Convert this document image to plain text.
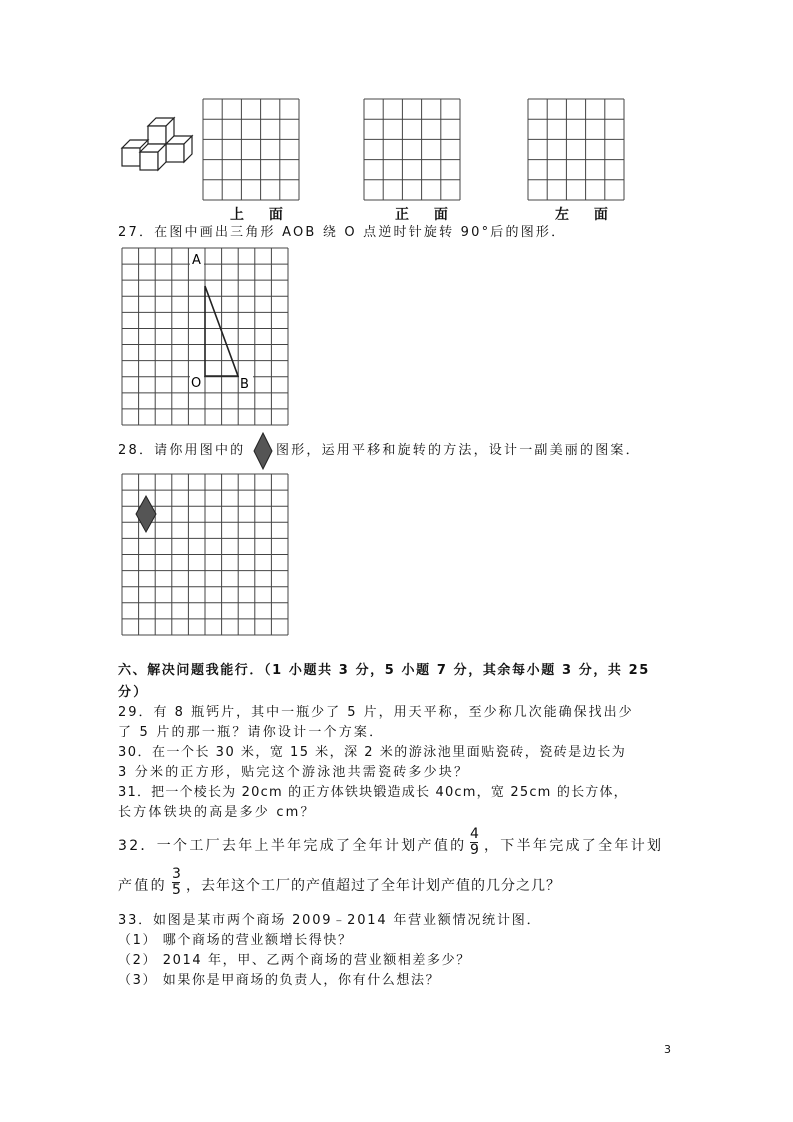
上 面	正 面	左 面
27．在图中画出三角形 AOB 绕 O 点逆时针旋转 90°后的图形．
A
O	B
28．请你用图中的 图形，运用平移和旋转的方法，设计一副美丽的图案．
六、解决问题我能行．（1 小题共 3 分，5 小题 7 分，其余每小题 3 分，共 25
分）
29．有 8 瓶钙片，其中一瓶少了 5 片，用天平称，至少称几次能确保找出少
了 5 片的那一瓶？请你设计一个方案．
30．在一个长 30 米，宽 15 米，深 2 米的游泳池里面贴瓷砖，瓷砖是边长为
3 分米的正方形，贴完这个游泳池共需瓷砖多少块？
31．把一个棱长为 20cm 的正方体铁块锻造成长 40cm，宽 25cm 的长方体，
长方体铁块的高是多少 cm？
32．一个工厂去年上半年完成了全年计划产值的
4
9 ，下半年完成了全年计划
产值的
3
5 ，去年这个工厂的产值超过了全年计划产值的几分之几？
33．如图是某市两个商场 2009﹣2014 年营业额情况统计图．
（1） 哪个商场的营业额增长得快？
（2） 2014 年，甲、乙两个商场的营业额相差多少？
（3） 如果你是甲商场的负责人，你有什么想法？
3
